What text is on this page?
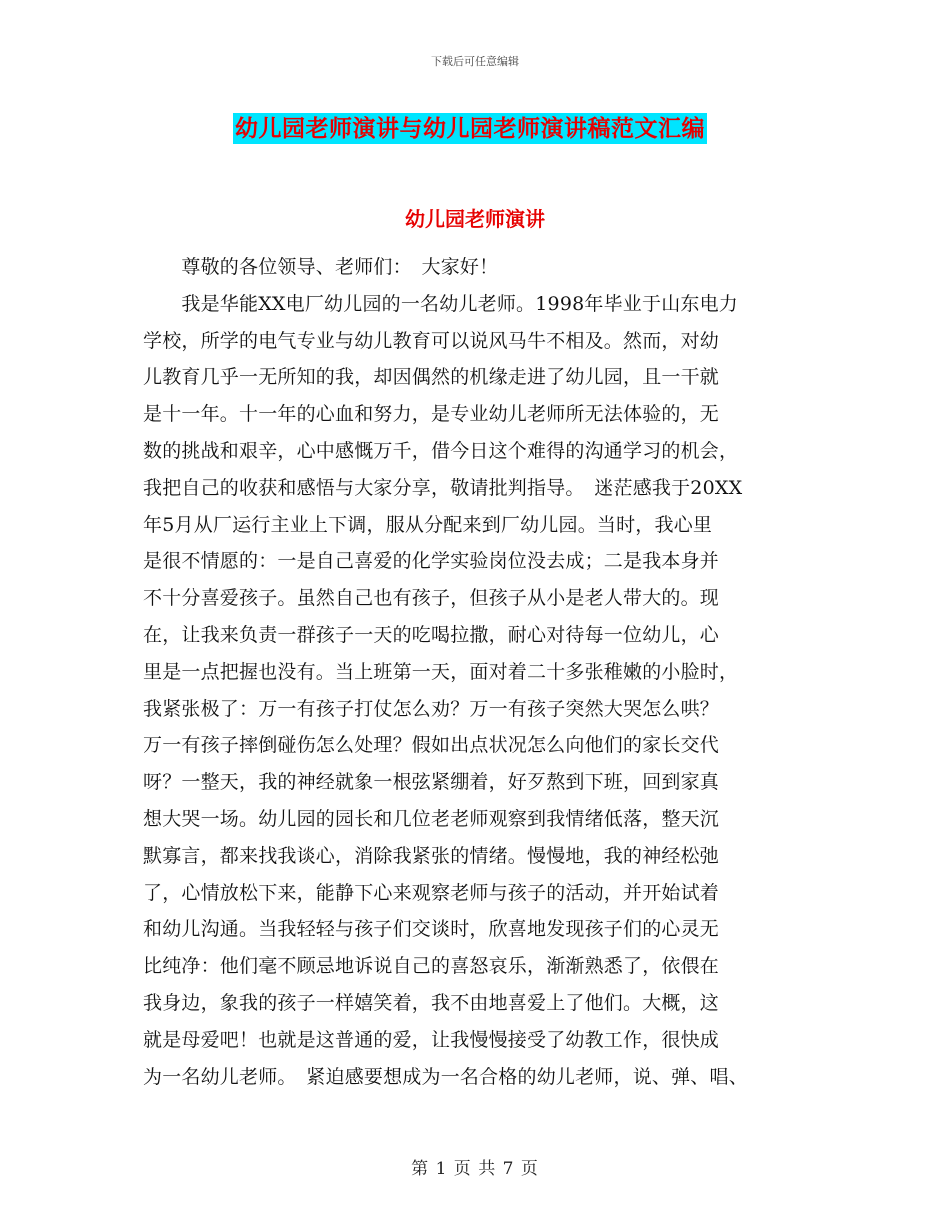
下载后可任意编辑
幼儿园老师演讲与幼儿园老师演讲稿范文汇编
幼儿园老师演讲
　　尊敬的各位领导、老师们：　大家好！
　　我是华能XX电厂幼儿园的一名幼儿老师。1998年毕业于山东电力
学校，所学的电气专业与幼儿教育可以说风马牛不相及。然而，对幼
儿教育几乎一无所知的我，却因偶然的机缘走进了幼儿园，且一干就
是十一年。十一年的心血和努力，是专业幼儿老师所无法体验的，无
数的挑战和艰辛，心中感慨万千，借今日这个难得的沟通学习的机会，
我把自己的收获和感悟与大家分享，敬请批判指导。　迷茫感我于20XX
年5月从厂运行主业上下调，服从分配来到厂幼儿园。当时，我心里
是很不情愿的：一是自己喜爱的化学实验岗位没去成；二是我本身并
不十分喜爱孩子。虽然自己也有孩子，但孩子从小是老人带大的。现
在，让我来负责一群孩子一天的吃喝拉撒，耐心对待每一位幼儿，心
里是一点把握也没有。当上班第一天，面对着二十多张稚嫩的小脸时，
我紧张极了：万一有孩子打仗怎么劝？万一有孩子突然大哭怎么哄？
万一有孩子摔倒碰伤怎么处理？假如出点状况怎么向他们的家长交代
呀？一整天，我的神经就象一根弦紧绷着，好歹熬到下班，回到家真
想大哭一场。幼儿园的园长和几位老老师观察到我情绪低落，整天沉
默寡言，都来找我谈心，消除我紧张的情绪。慢慢地，我的神经松弛
了，心情放松下来，能静下心来观察老师与孩子的活动，并开始试着
和幼儿沟通。当我轻轻与孩子们交谈时，欣喜地发现孩子们的心灵无
比纯净：他们毫不顾忌地诉说自己的喜怒哀乐，渐渐熟悉了，依偎在
我身边，象我的孩子一样嬉笑着，我不由地喜爱上了他们。大概，这
就是母爱吧！也就是这普通的爱，让我慢慢接受了幼教工作，很快成
为一名幼儿老师。　紧迫感要想成为一名合格的幼儿老师，说、弹、唱、
第 1 页 共 7 页
